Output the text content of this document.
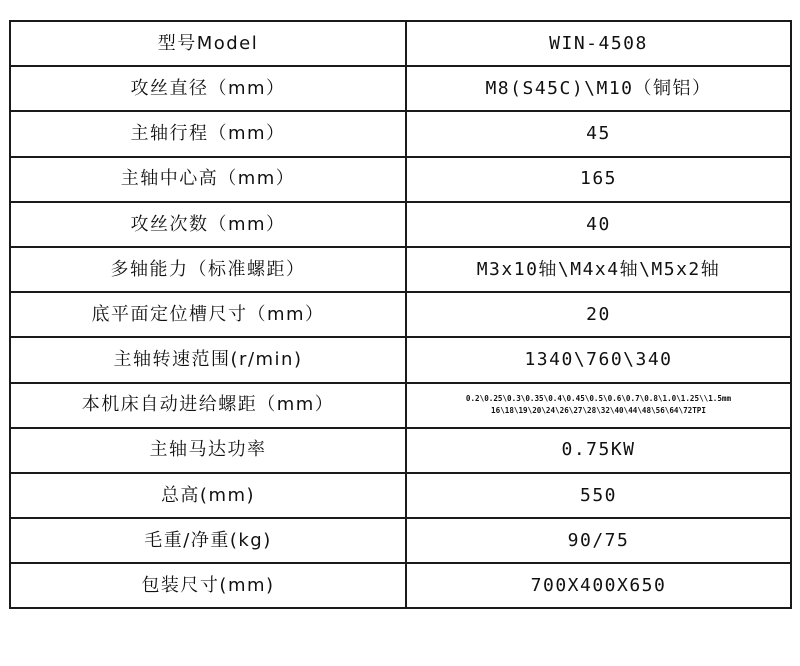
型号Model	WIN-4508
攻丝直径（mm）	M8(S45C)\M10（铜铝）
主轴行程（mm）	45
主轴中心高（mm）	165
攻丝次数（mm）	40
多轴能力（标准螺距）	M3x10轴\M4x4轴\M5x2轴
底平面定位槽尺寸（mm）	20
主轴转速范围(r/min)	1340\760\340
本机床自动进给螺距（mm）	0.2\0.25\0.3\0.35\0.4\0.45\0.5\0.6\0.7\0.8\1.0\1.25\\1.5mm
16\18\19\20\24\26\27\28\32\40\44\48\56\64\72TPI

主轴马达功率	0.75KW
总高(mm)	550
毛重/净重(kg)	90/75
包装尺寸(mm)	700X400X650
